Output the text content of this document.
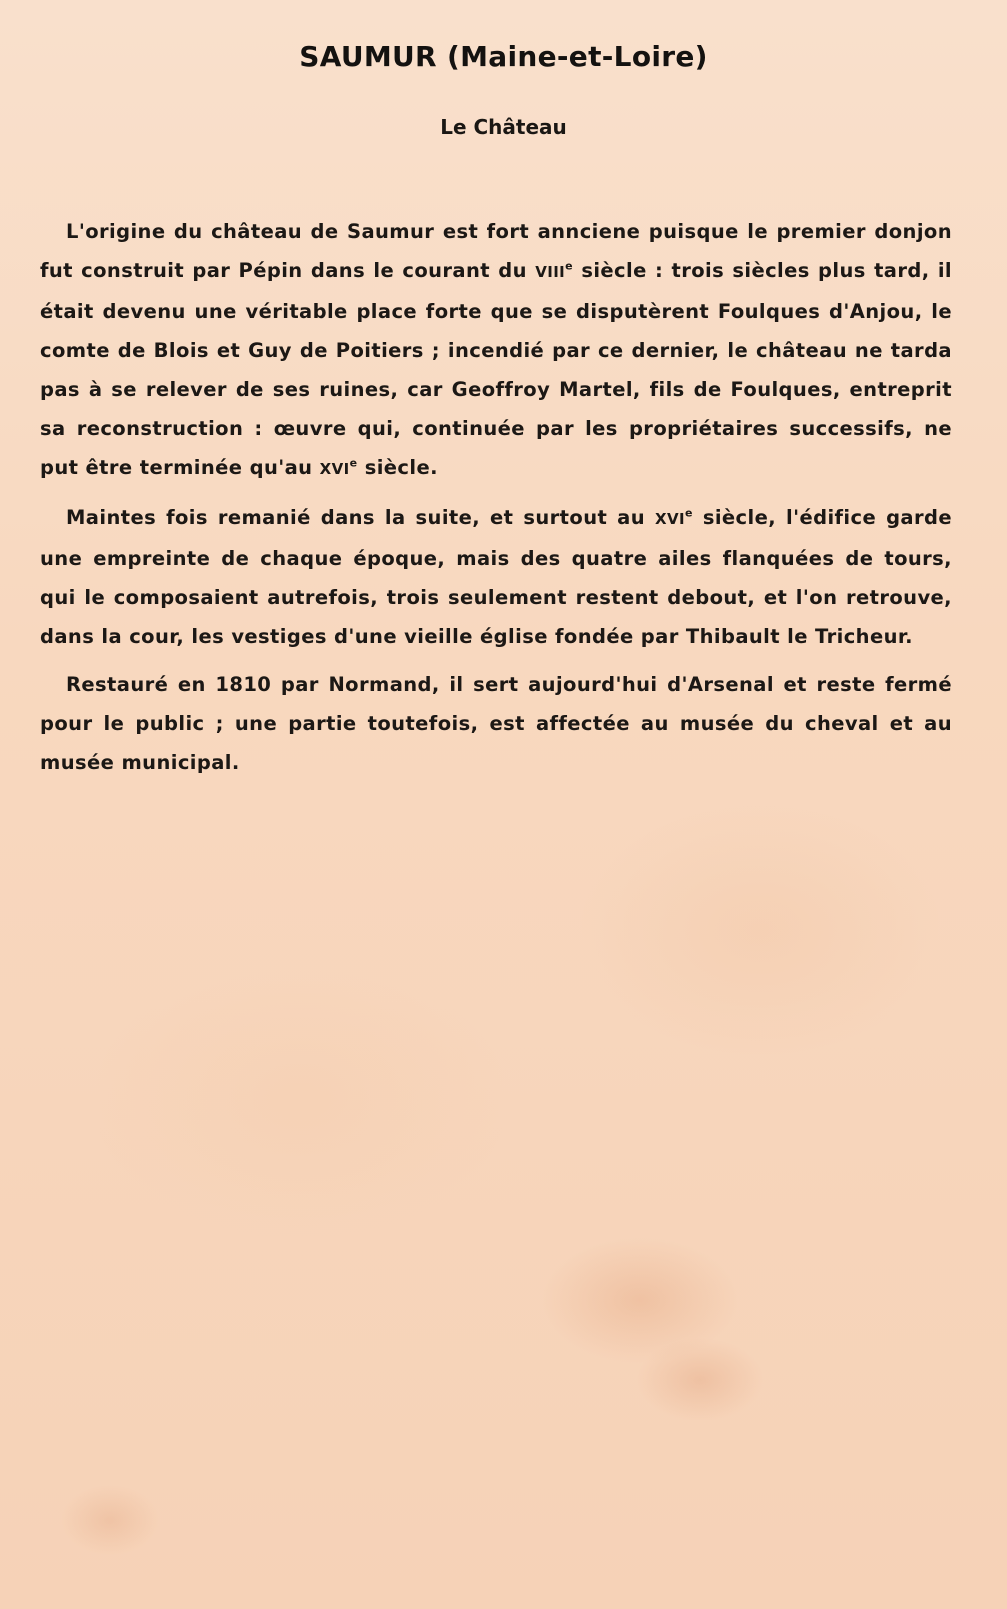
SAUMUR (Maine-et-Loire)
Le Château

L'origine du château de Saumur est fort annciene puisque le premier donjon fut construit par Pépin dans le courant du VIIIe siècle : trois siècles plus tard, il était devenu une véritable place forte que se disputèrent Foulques d'Anjou, le comte de Blois et Guy de Poitiers ; incendié par ce dernier, le château ne tarda pas à se relever de ses ruines, car Geoffroy Martel, fils de Foulques, entreprit sa reconstruction : œuvre qui, continuée par les propriétaires successifs, ne put être terminée qu'au XVIe siècle.

Maintes fois remanié dans la suite, et surtout au XVIe siècle, l'édifice garde une empreinte de chaque époque, mais des quatre ailes flanquées de tours, qui le composaient autrefois, trois seulement restent debout, et l'on retrouve, dans la cour, les vestiges d'une vieille église fondée par Thibault le Tricheur.

Restauré en 1810 par Normand, il sert aujourd'hui d'Arsenal et reste fermé pour le public ; une partie toutefois, est affectée au musée du cheval et au musée municipal.
